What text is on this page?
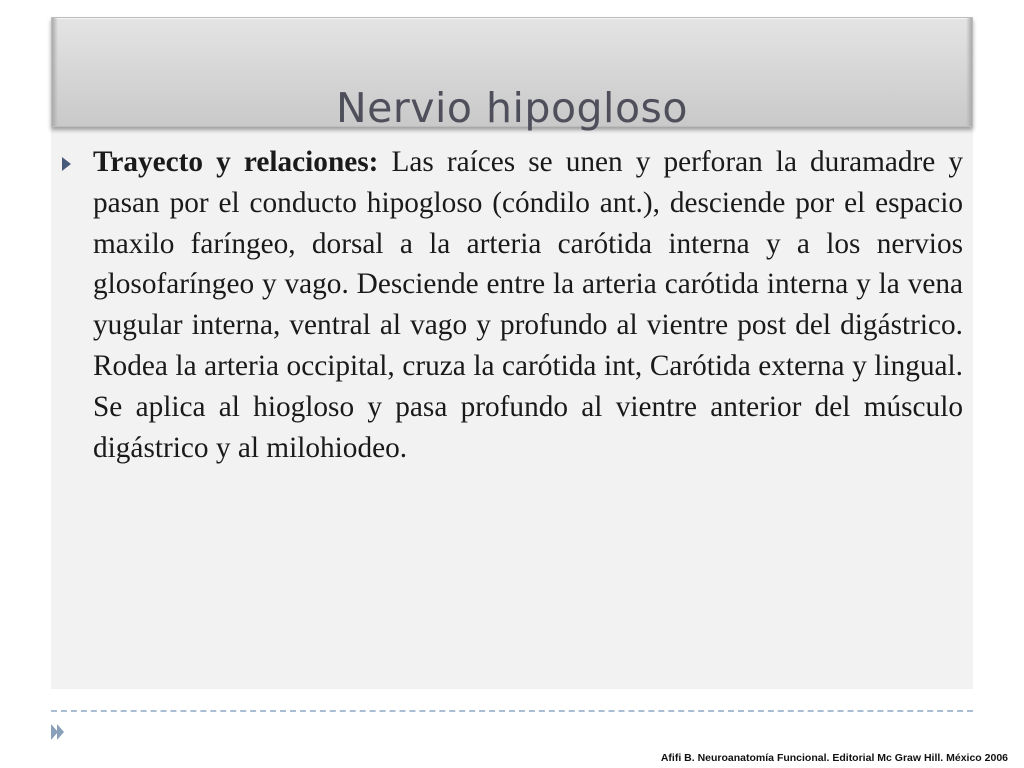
Nervio hipogloso

Trayecto y relaciones: Las raíces se unen y perforan la duramadre y pasan por el conducto hipogloso (cóndilo ant.), desciende por el espacio maxilo faríngeo, dorsal a la arteria carótida interna y a los nervios glosofaríngeo y vago. Desciende entre la arteria carótida interna y la vena yugular interna, ventral al vago y profundo al vientre post del digástrico. Rodea la arteria occipital, cruza la carótida int, Carótida externa y lingual. Se aplica al hiogloso y pasa profundo al vientre anterior del músculo digástrico y al milohiodeo.

Afifi B. Neuroanatomía Funcional. Editorial Mc Graw Hill. México 2006
